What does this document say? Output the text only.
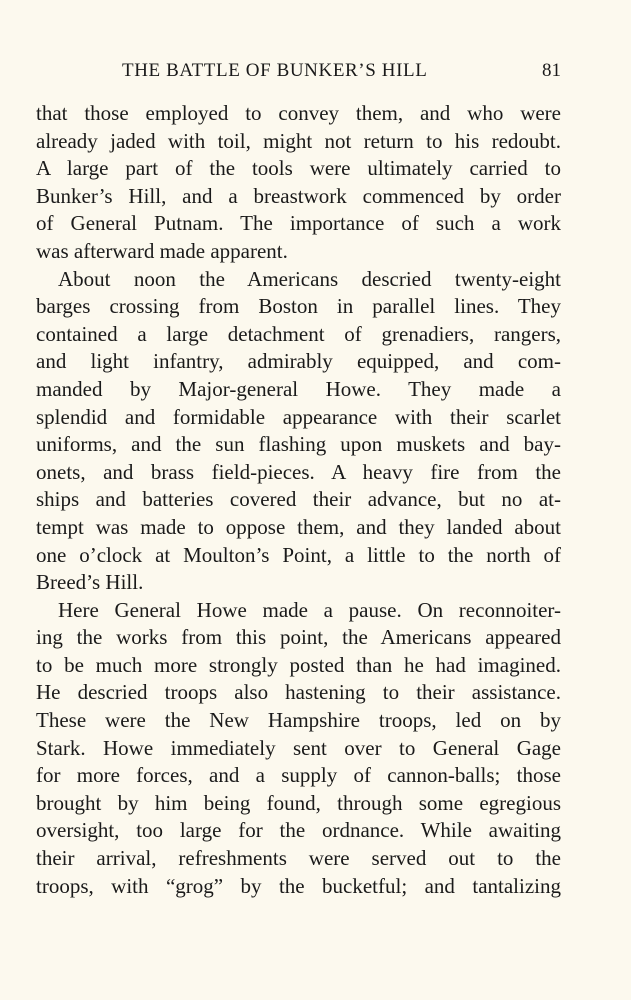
THE BATTLE OF BUNKER’S HILL	81
that those employed to convey them, and who were
already jaded with toil, might not return to his redoubt.
A large part of the tools were ultimately carried to
Bunker’s Hill, and a breastwork commenced by order
of General Putnam. The importance of such a work
was afterward made apparent.
About noon the Americans descried twenty-eight
barges crossing from Boston in parallel lines. They
contained a large detachment of grenadiers, rangers,
and light infantry, admirably equipped, and com-
manded by Major-general Howe. They made a
splendid and formidable appearance with their scarlet
uniforms, and the sun flashing upon muskets and bay-
onets, and brass field-pieces. A heavy fire from the
ships and batteries covered their advance, but no at-
tempt was made to oppose them, and they landed about
one o’clock at Moulton’s Point, a little to the north of
Breed’s Hill.
Here General Howe made a pause. On reconnoiter-
ing the works from this point, the Americans appeared
to be much more strongly posted than he had imagined.
He descried troops also hastening to their assistance.
These were the New Hampshire troops, led on by
Stark. Howe immediately sent over to General Gage
for more forces, and a supply of cannon-balls; those
brought by him being found, through some egregious
oversight, too large for the ordnance. While awaiting
their arrival, refreshments were served out to the
troops, with “grog” by the bucketful; and tantalizing
